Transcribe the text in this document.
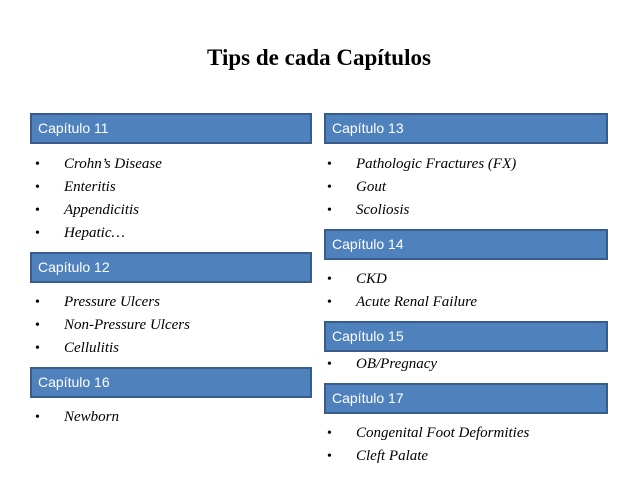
Tips de cada Capítulos
Capítulo 11
• Crohn’s Disease
• Enteritis
• Appendicitis
• Hepatic…
Capítulo 12
• Pressure Ulcers
• Non-Pressure Ulcers
• Cellulitis
Capítulo 16
• Newborn
Capítulo 13
• Pathologic Fractures (FX)
• Gout
• Scoliosis
Capítulo 14
• CKD
• Acute Renal Failure
Capítulo 15
• OB/Pregnacy
Capítulo 17
• Congenital Foot Deformities
• Cleft Palate
